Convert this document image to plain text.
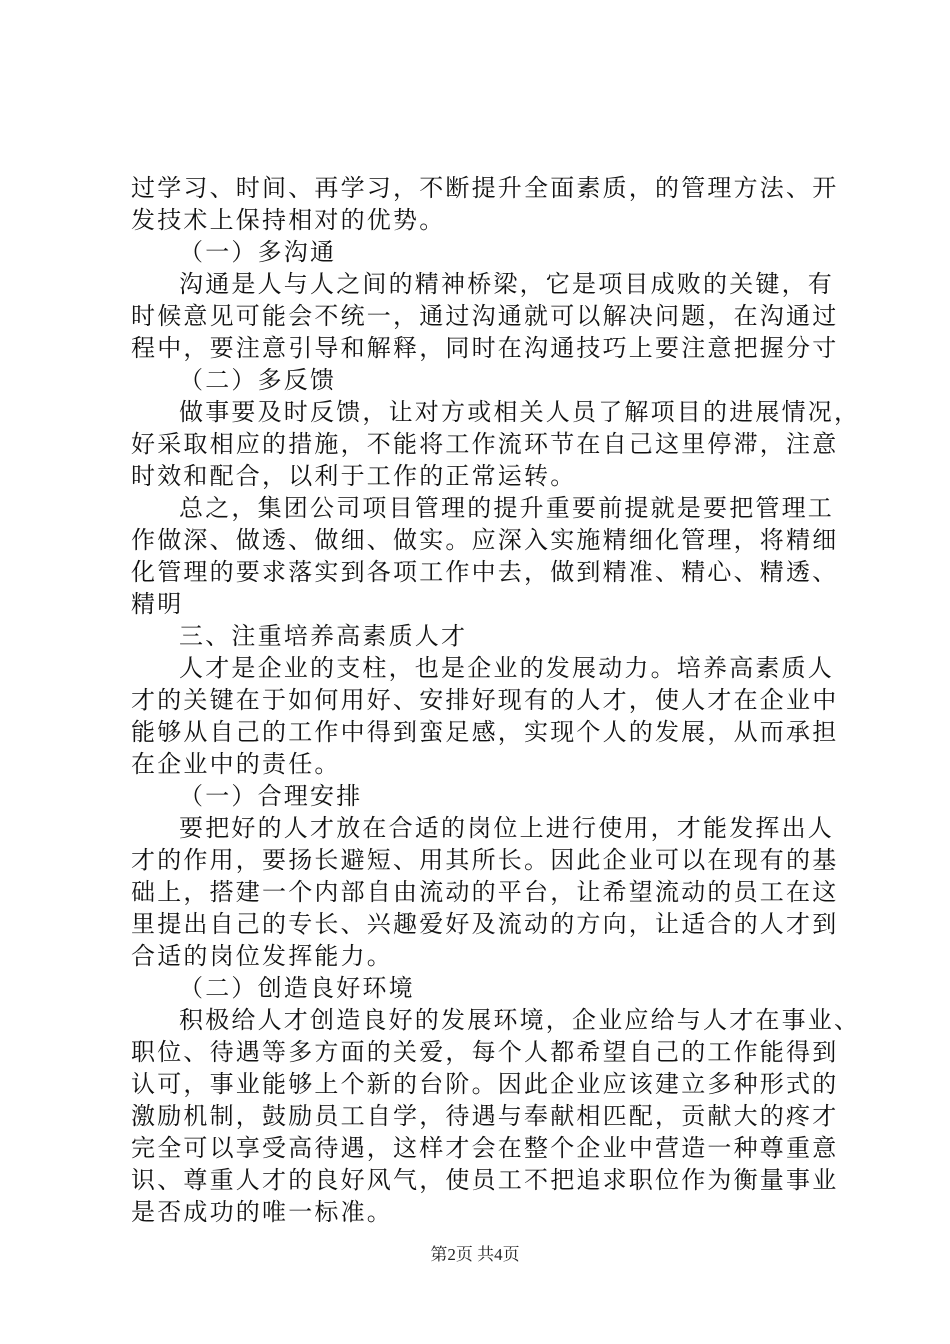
过学习、时间、再学习，不断提升全面素质，的管理方法、开
发技术上保持相对的优势。
（一）多沟通
沟通是人与人之间的精神桥梁，它是项目成败的关键，有
时候意见可能会不统一，通过沟通就可以解决问题，在沟通过
程中，要注意引导和解释，同时在沟通技巧上要注意把握分寸
（二）多反馈
做事要及时反馈，让对方或相关人员了解项目的进展情况，
好采取相应的措施，不能将工作流环节在自己这里停滞，注意
时效和配合，以利于工作的正常运转。
总之，集团公司项目管理的提升重要前提就是要把管理工
作做深、做透、做细、做实。应深入实施精细化管理，将精细
化管理的要求落实到各项工作中去，做到精准、精心、精透、
精明
三、注重培养高素质人才
人才是企业的支柱，也是企业的发展动力。培养高素质人
才的关键在于如何用好、安排好现有的人才，使人才在企业中
能够从自己的工作中得到蛮足感，实现个人的发展，从而承担
在企业中的责任。
（一）合理安排
要把好的人才放在合适的岗位上进行使用，才能发挥出人
才的作用，要扬长避短、用其所长。因此企业可以在现有的基
础上，搭建一个内部自由流动的平台，让希望流动的员工在这
里提出自己的专长、兴趣爱好及流动的方向，让适合的人才到
合适的岗位发挥能力。
（二）创造良好环境
积极给人才创造良好的发展环境，企业应给与人才在事业、
职位、待遇等多方面的关爱，每个人都希望自己的工作能得到
认可，事业能够上个新的台阶。因此企业应该建立多种形式的
激励机制，鼓励员工自学，待遇与奉献相匹配，贡献大的疼才
完全可以享受高待遇，这样才会在整个企业中营造一种尊重意
识、尊重人才的良好风气，使员工不把追求职位作为衡量事业
是否成功的唯一标准。
第2页 共4页
